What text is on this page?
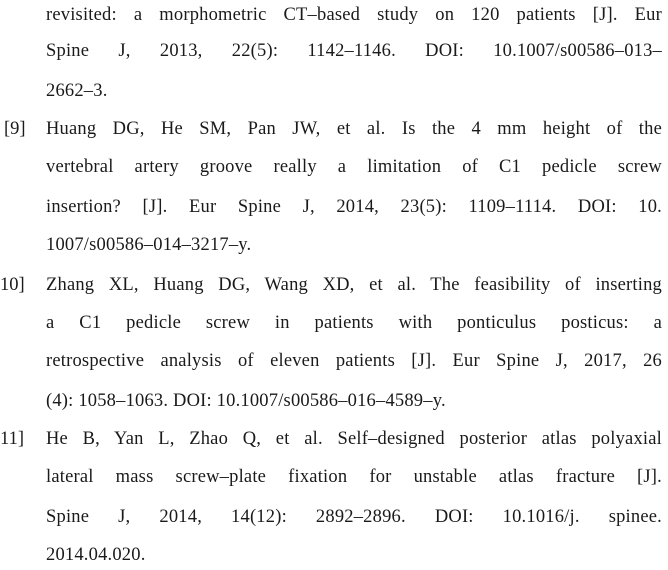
revisited: a morphometric CT–based study on 120 patients [J]. Eur
Spine J, 2013, 22(5): 1142–1146. DOI: 10.1007/s00586–013–
2662–3.
[9] Huang DG, He SM, Pan JW, et al. Is the 4 mm height of the
vertebral artery groove really a limitation of C1 pedicle screw
insertion? [J]. Eur Spine J, 2014, 23(5): 1109–1114. DOI: 10.
1007/s00586–014–3217–y.
10] Zhang XL, Huang DG, Wang XD, et al. The feasibility of inserting
a C1 pedicle screw in patients with ponticulus posticus: a
retrospective analysis of eleven patients [J]. Eur Spine J, 2017, 26
(4): 1058–1063. DOI: 10.1007/s00586–016–4589–y.
11] He B, Yan L, Zhao Q, et al. Self–designed posterior atlas polyaxial
lateral mass screw–plate fixation for unstable atlas fracture [J].
Spine J, 2014, 14(12): 2892–2896. DOI: 10.1016/j. spinee.
2014.04.020.
